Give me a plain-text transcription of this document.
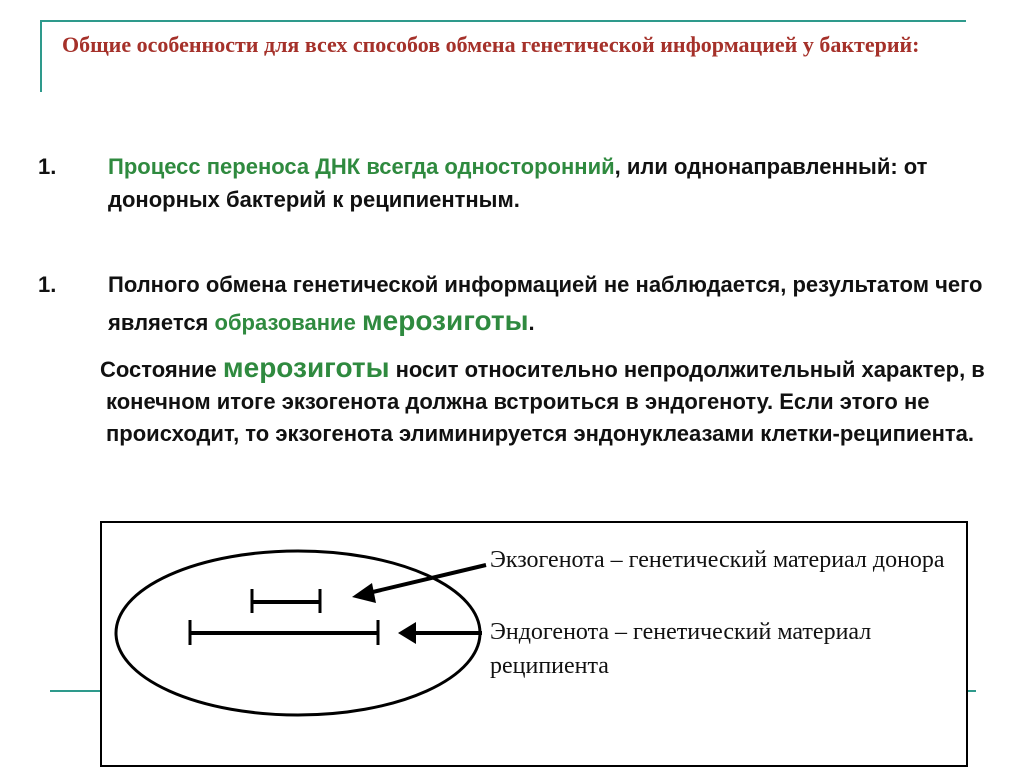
Общие особенности для всех способов обмена генетической информацией у бактерий:
1. Процесс переноса ДНК всегда односторонний, или однонаправленный: от донорных бактерий к реципиентным.
1. Полного обмена генетической информацией не наблюдается, результатом чего является образование мерозиготы.

Состояние мерозиготы носит относительно непродолжительный характер, в конечном итоге экзогенота должна встроиться в эндогеноту. Если этого не происходит, то экзогенота элиминируется эндонуклеазами клетки-реципиента.

Экзогенота – генетический материал донора

Эндогенота – генетический материал реципиента
